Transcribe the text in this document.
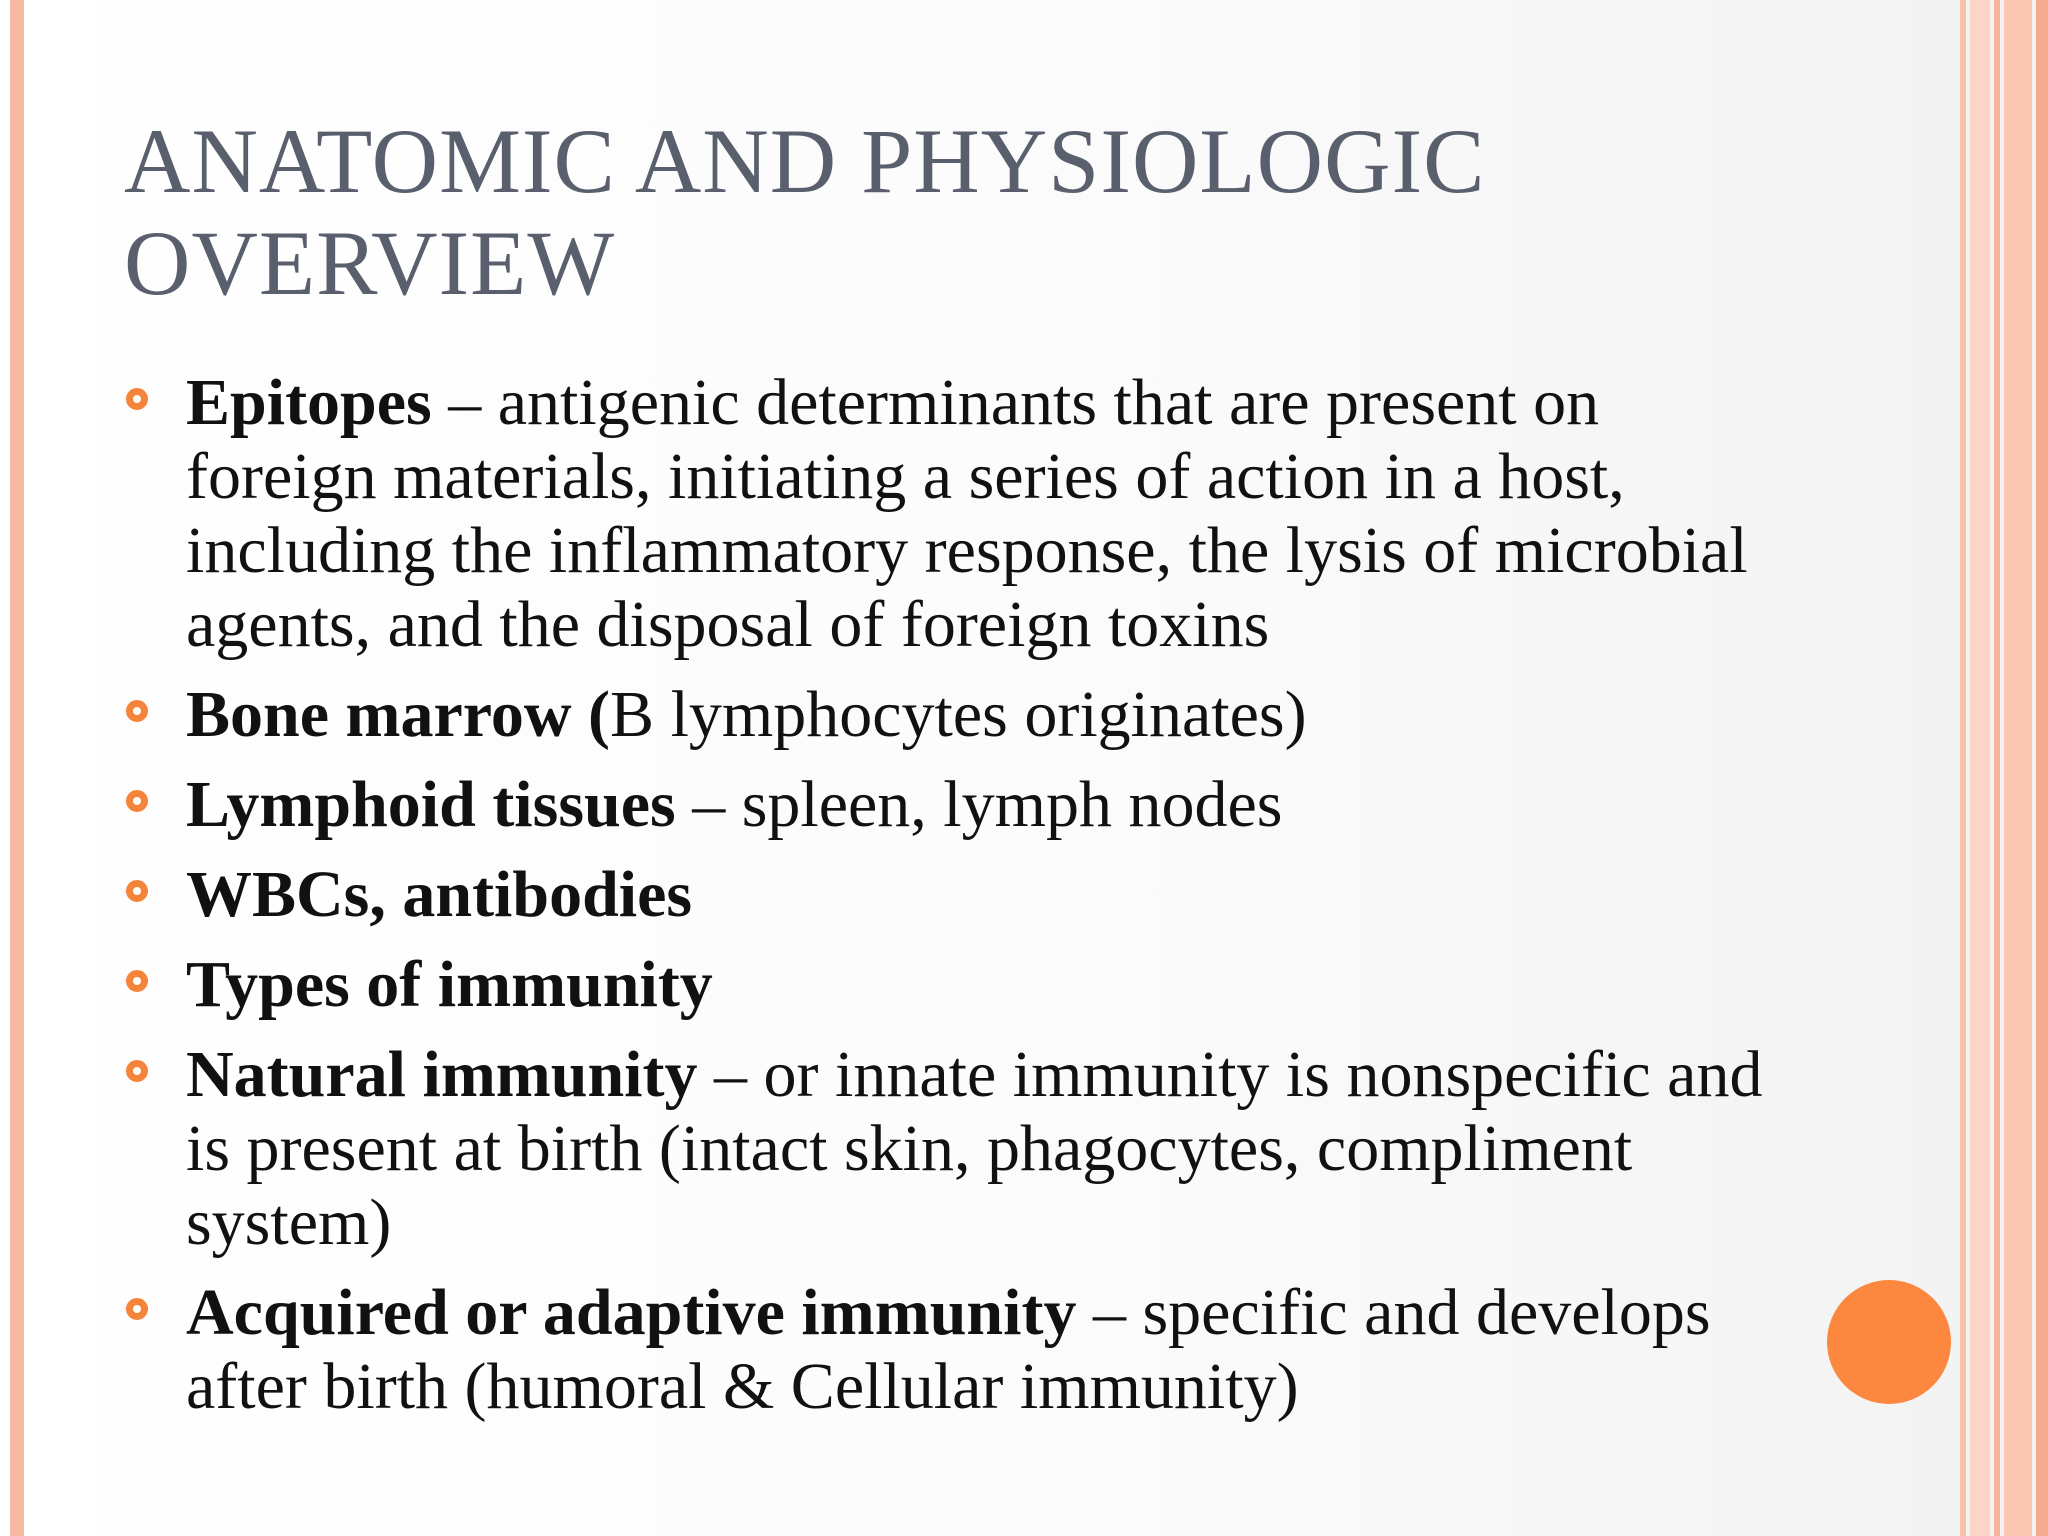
ANATOMIC AND PHYSIOLOGIC
OVERVIEW
Epitopes – antigenic determinants that are present on foreign materials, initiating a series of action in a host, including the inflammatory response, the lysis of microbial agents, and the disposal of foreign toxins
Bone marrow (B lymphocytes originates)
Lymphoid tissues – spleen, lymph nodes
WBCs, antibodies
Types of immunity
Natural immunity – or innate immunity is nonspecific and is present at birth (intact skin, phagocytes, compliment system)
Acquired or adaptive immunity – specific and develops after birth (humoral & Cellular immunity)
